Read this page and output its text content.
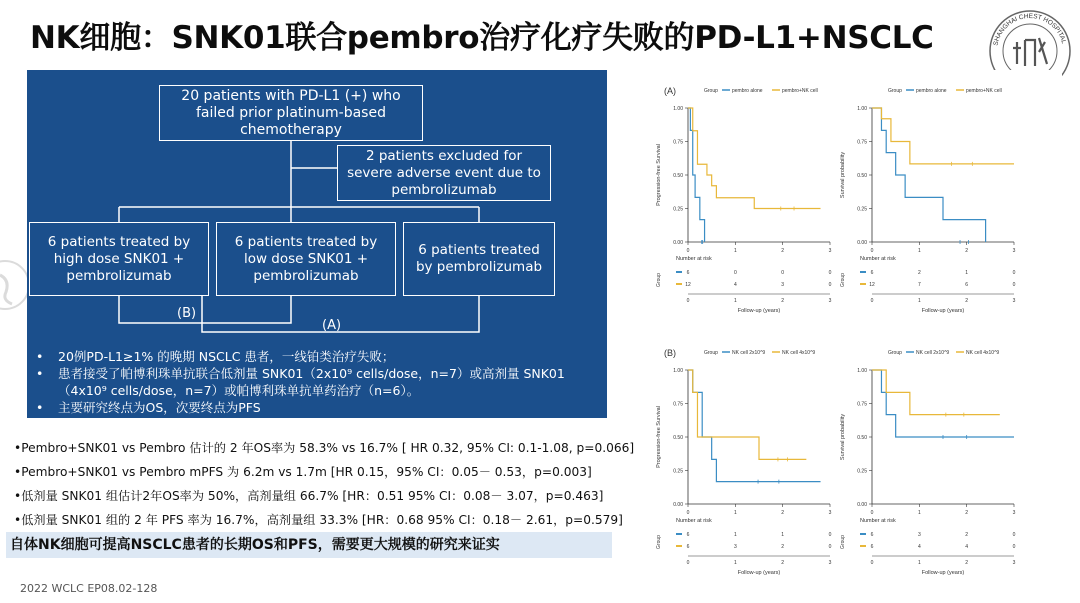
NK细胞：SNK01联合pembro治疗化疗失败的PD-L1+NSCLC	SHANGHAI CHEST HOSPITAL
20 patients with PD-L1 (+) who failed prior platinum-based chemotherapy
2 patients excluded for severe adverse event due to pembrolizumab
6 patients treated by high dose SNK01 + pembrolizumab
6 patients treated by low dose SNK01 + pembrolizumab
6 patients treated by pembrolizumab
(B)
(A)
•	20例PD-L1≥1% 的晚期 NSCLC 患者，一线铂类治疗失败；
•	患者接受了帕博利珠单抗联合低剂量 SNK01（2x10⁹ cells/dose，n=7）或高剂量 SNK01（4x10⁹ cells/dose，n=7）或帕博利珠单抗单药治疗（n=6）。
•	主要研究终点为OS，次要终点为PFS
•Pembro+SNK01 vs Pembro 估计的 2 年OS率为 58.3% vs 16.7% [ HR 0.32, 95% CI: 0.1-1.08, p=0.066]
•Pembro+SNK01 vs Pembro mPFS 为 6.2m vs 1.7m [HR 0.15，95% CI：0.05－ 0.53，p=0.003]
•低剂量 SNK01 组估计2年OS率为 50%，高剂量组 66.7% [HR：0.51 95% CI：0.08－ 3.07，p=0.463]
•低剂量 SNK01 组的 2 年 PFS 率为 16.7%，高剂量组 33.3% [HR：0.68 95% CI：0.18－ 2.61，p=0.579]
自体NK细胞可提高NSCLC患者的长期OS和PFS，需要更大规模的研究来证实
2022 WCLC EP08.02-128
(A)	Group	pembro alone	pembro+NK cell
0.00
0.25
0.50
0.75
1.00
0	1	2	3
Progression-free Survival
Number at risk
Group
6	0	0	0
12	4	3	0
0	1	2	3
Follow-up (years)
Group	pembro alone	pembro+NK cell
0.00
0.25
0.50
0.75
1.00
0	1	2	3
Survival probability
Number at risk
Group
6	2	1	0
12	7	6	0
0	1	2	3
Follow-up (years)
(B)	Group	NK cell 2x10^9	NK cell 4x10^9
0.00
0.25
0.50
0.75
1.00
0	1	2	3
Progression-free Survival
Number at risk
Group
6	1	1	0
6	3	2	0
0	1	2	3
Follow-up (years)
Group	NK cell 2x10^9	NK cell 4x10^9
0.00
0.25
0.50
0.75
1.00
0	1	2	3
Survival probability
Number at risk
Group
6	3	2	0
6	4	4	0
0	1	2	3
Follow-up (years)
